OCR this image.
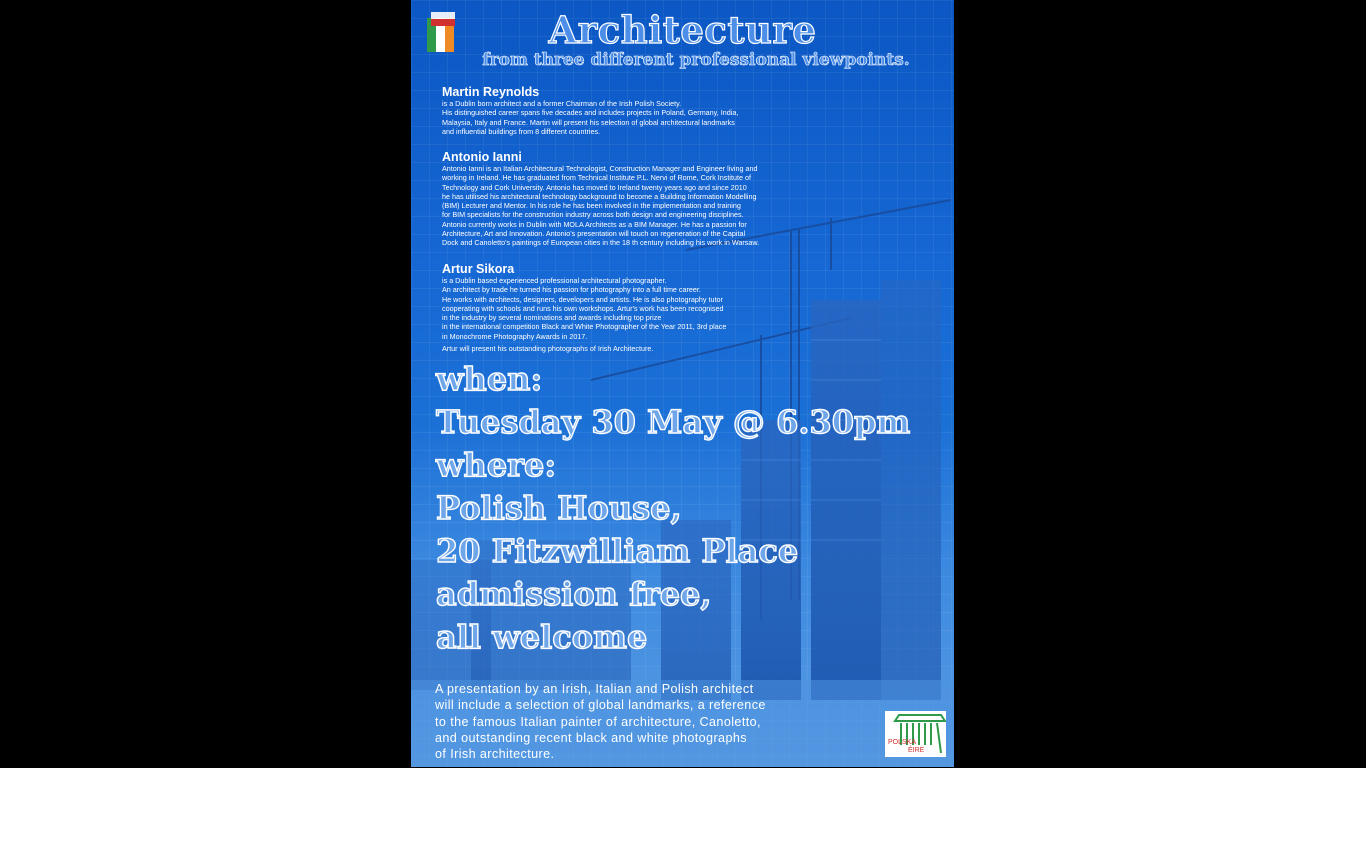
Architecture
from three different professional viewpoints.
Martin Reynolds
is a Dublin born architect and a former Chairman of the Irish Polish Society.
His distinguished career spans five decades and includes projects in Poland, Germany, India,
Malaysia, Italy and France. Martin will present his selection of global architectural landmarks
and influential buildings from 8 different countries.
Antonio Ianni
Antonio Ianni is an Italian Architectural Technologist, Construction Manager and Engineer living and
working in Ireland. He has graduated from Technical Institute P.L. Nervi of Rome, Cork Institute of
Technology and Cork University. Antonio has moved to Ireland twenty years ago and since 2010
he has utilised his architectural technology background to become a Building Information Modelling
(BIM) Lecturer and Mentor. In his role he has been involved in the implementation and training
for BIM specialists for the construction industry across both design and engineering disciplines.
Antonio currently works in Dublin with MOLA Architects as a BIM Manager. He has a passion for
Architecture, Art and Innovation. Antonio's presentation will touch on regeneration of the Capital
Dock and Canoletto's paintings of European cities in the 18 th century including his work in Warsaw.
Artur Sikora
is a Dublin based experienced professional architectural photographer.
An architect by trade he turned his passion for photography into a full time career.
He works with architects, designers, developers and artists. He is also photography tutor
cooperating with schools and runs his own workshops. Artur's work has been recognised
in the industry by several nominations and awards including top prize
in the international competition Black and White Photographer of the Year 2011, 3rd place
in Monochrome Photography Awards in 2017.
Artur will present his outstanding photographs of Irish Architecture.
when:
Tuesday 30 May @ 6.30pm
where:
Polish House,
20 Fitzwilliam Place
admission free,
all welcome
A presentation by an Irish, Italian and Polish architect
will include a selection of global landmarks, a reference
to the famous Italian painter of architecture, Canoletto,
and outstanding recent black and white photographs
of Irish architecture.
POLSKA
ÉIRE
